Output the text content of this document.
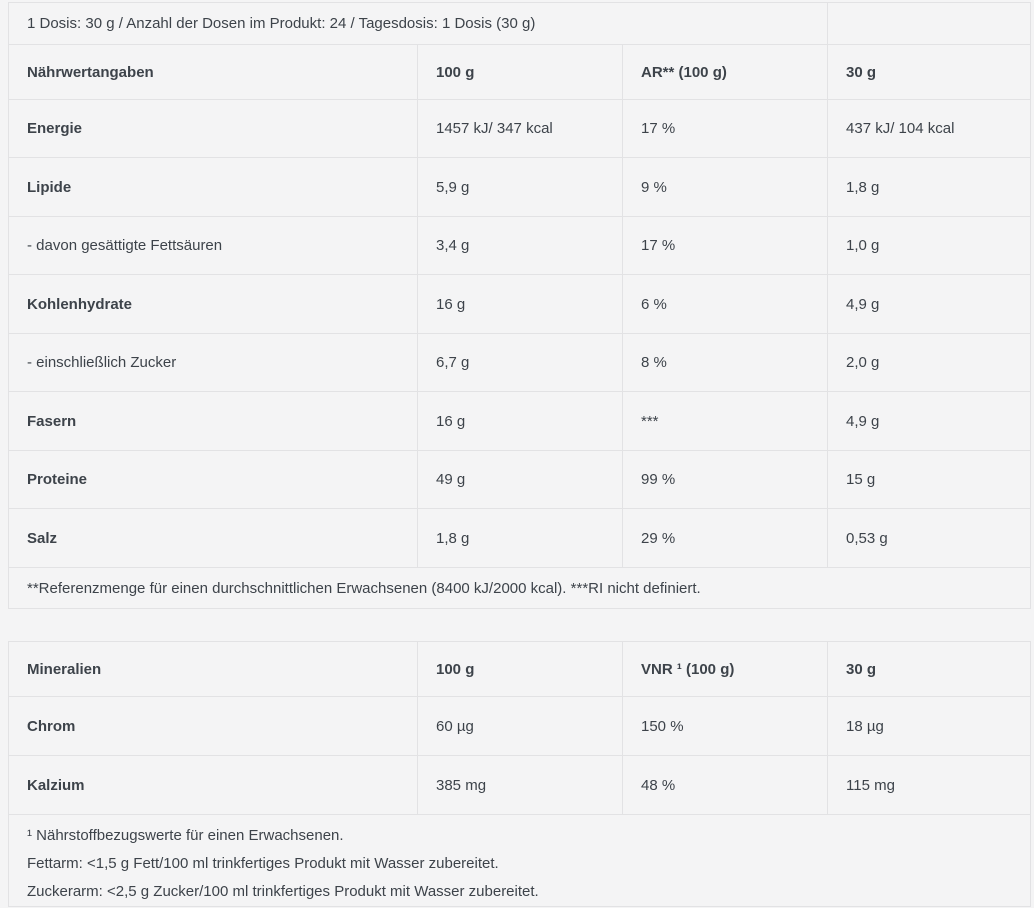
1 Dosis: 30 g / Anzahl der Dosen im Produkt: 24 / Tagesdosis: 1 Dosis (30 g)			
Nährwertangaben	100 g	AR** (100 g)	30 g
Energie	1457 kJ/ 347 kcal	17 %	437 kJ/ 104 kcal
Lipide	5,9 g	9 %	1,8 g
- davon gesättigte Fettsäuren	3,4 g	17 %	1,0 g
Kohlenhydrate	16 g	6 %	4,9 g
- einschließlich Zucker	6,7 g	8 %	2,0 g
Fasern	16 g	***	4,9 g
Proteine	49 g	99 %	15 g
Salz	1,8 g	29 %	0,53 g
**Referenzmenge für einen durchschnittlichen Erwachsenen (8400 kJ/2000 kcal). ***RI nicht definiert.			
Mineralien	100 g	VNR ¹ (100 g)	30 g
Chrom	60 µg	150 %	18 µg
Kalzium	385 mg	48 %	115 mg

¹ Nährstoffbezugswerte für einen Erwachsenen.
Fettarm: <1,5 g Fett/100 ml trinkfertiges Produkt mit Wasser zubereitet.
Zuckerarm: <2,5 g Zucker/100 ml trinkfertiges Produkt mit Wasser zubereitet.			
